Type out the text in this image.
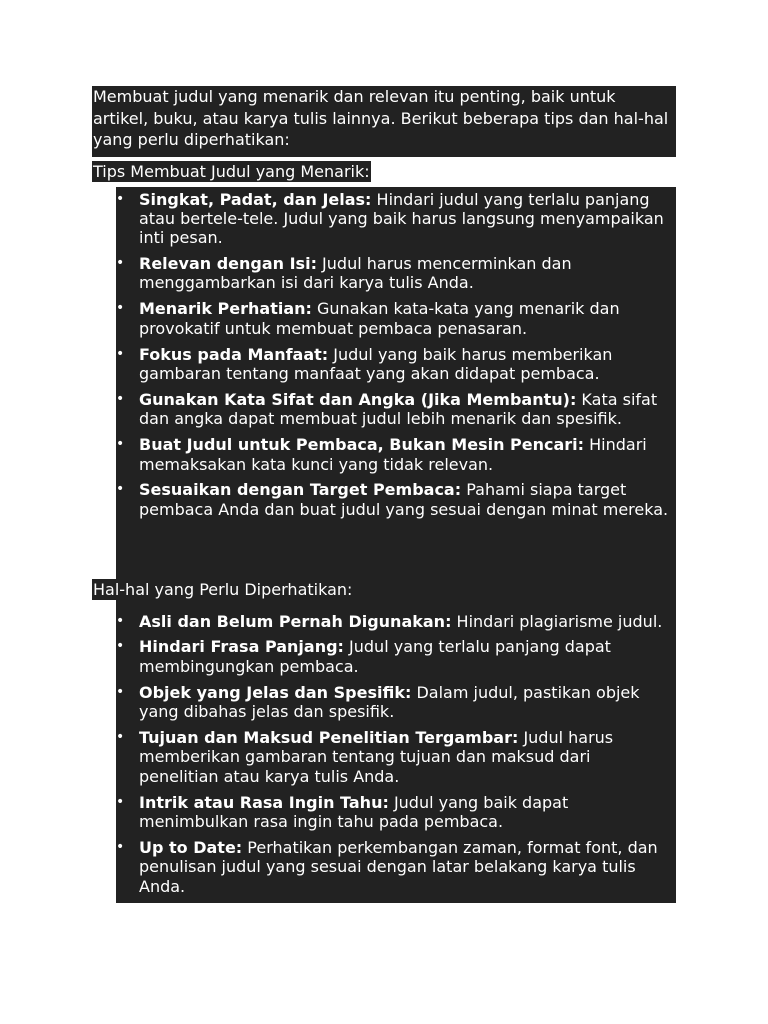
Membuat judul yang menarik dan relevan itu penting, baik untuk artikel, buku, atau karya tulis lainnya. Berikut beberapa tips dan hal-hal yang perlu diperhatikan:

Tips Membuat Judul yang Menarik:
• Singkat, Padat, dan Jelas: Hindari judul yang terlalu panjang atau bertele-tele. Judul yang baik harus langsung menyampaikan inti pesan.
• Relevan dengan Isi: Judul harus mencerminkan dan menggambarkan isi dari karya tulis Anda.
• Menarik Perhatian: Gunakan kata-kata yang menarik dan provokatif untuk membuat pembaca penasaran.
• Fokus pada Manfaat: Judul yang baik harus memberikan gambaran tentang manfaat yang akan didapat pembaca.
• Gunakan Kata Sifat dan Angka (Jika Membantu): Kata sifat dan angka dapat membuat judul lebih menarik dan spesifik.
• Buat Judul untuk Pembaca, Bukan Mesin Pencari: Hindari memaksakan kata kunci yang tidak relevan.
• Sesuaikan dengan Target Pembaca: Pahami siapa target pembaca Anda dan buat judul yang sesuai dengan minat mereka.
Hal-hal yang Perlu Diperhatikan:
• Asli dan Belum Pernah Digunakan: Hindari plagiarisme judul.
• Hindari Frasa Panjang: Judul yang terlalu panjang dapat membingungkan pembaca.
• Objek yang Jelas dan Spesifik: Dalam judul, pastikan objek yang dibahas jelas dan spesifik.
• Tujuan dan Maksud Penelitian Tergambar: Judul harus memberikan gambaran tentang tujuan dan maksud dari penelitian atau karya tulis Anda.
• Intrik atau Rasa Ingin Tahu: Judul yang baik dapat menimbulkan rasa ingin tahu pada pembaca.
• Up to Date: Perhatikan perkembangan zaman, format font, dan penulisan judul yang sesuai dengan latar belakang karya tulis Anda.
